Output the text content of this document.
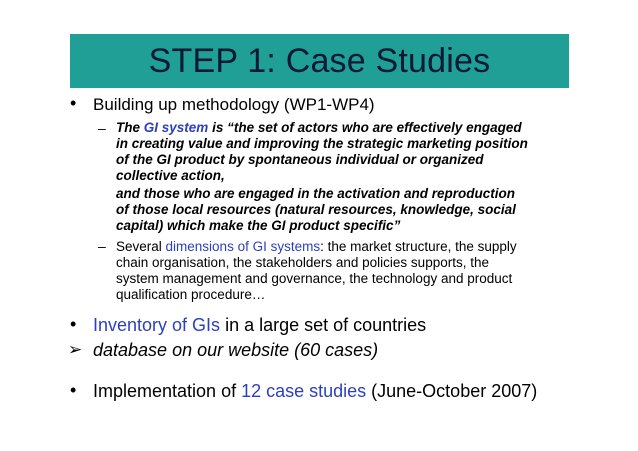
STEP 1: Case Studies
• Building up methodology (WP1-WP4)
– The GI system is “the set of actors who are effectively engaged
in creating value and improving the strategic marketing position
of the GI product by spontaneous individual or organized
collective action,
and those who are engaged in the activation and reproduction
of those local resources (natural resources, knowledge, social
capital) which make the GI product specific”
– Several dimensions of GI systems: the market structure, the supply
chain organisation, the stakeholders and policies supports, the
system management and governance, the technology and product
qualification procedure…
• Inventory of GIs in a large set of countries
➢ database on our website (60 cases)
• Implementation of 12 case studies (June-October 2007)
